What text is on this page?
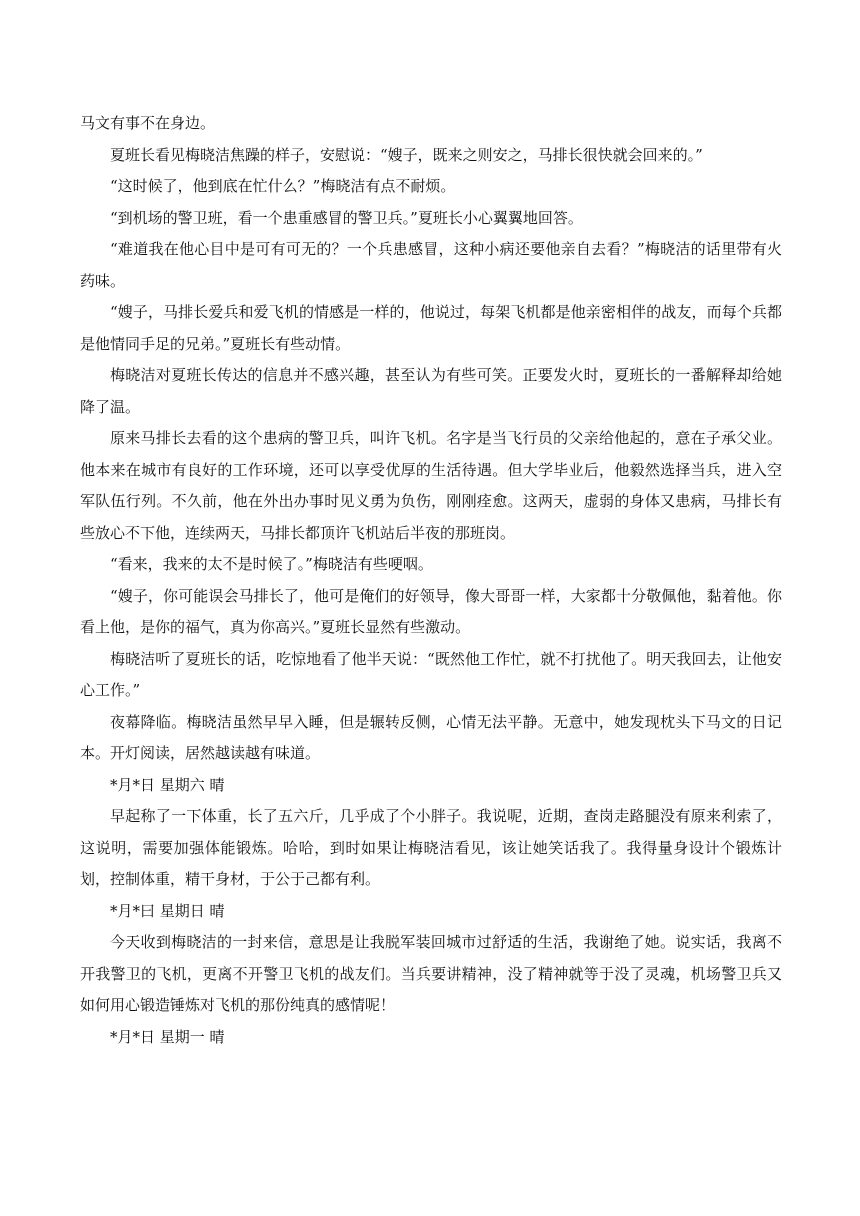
马文有事不在身边。

夏班长看见梅晓洁焦躁的样子，安慰说：“嫂子，既来之则安之，马排长很快就会回来的。”

“这时候了，他到底在忙什么？”梅晓洁有点不耐烦。

“到机场的警卫班，看一个患重感冒的警卫兵。”夏班长小心翼翼地回答。

“难道我在他心目中是可有可无的？一个兵患感冒，这种小病还要他亲自去看？”梅晓洁的话里带有火药味。

“嫂子，马排长爱兵和爱飞机的情感是一样的，他说过，每架飞机都是他亲密相伴的战友，而每个兵都是他情同手足的兄弟。”夏班长有些动情。

梅晓洁对夏班长传达的信息并不感兴趣，甚至认为有些可笑。正要发火时，夏班长的一番解释却给她降了温。

原来马排长去看的这个患病的警卫兵，叫许飞机。名字是当飞行员的父亲给他起的，意在子承父业。他本来在城市有良好的工作环境，还可以享受优厚的生活待遇。但大学毕业后，他毅然选择当兵，进入空军队伍行列。不久前，他在外出办事时见义勇为负伤，刚刚痊愈。这两天，虚弱的身体又患病，马排长有些放心不下他，连续两天，马排长都顶许飞机站后半夜的那班岗。

“看来，我来的太不是时候了。”梅晓洁有些哽咽。

“嫂子，你可能误会马排长了，他可是俺们的好领导，像大哥哥一样，大家都十分敬佩他，黏着他。你看上他，是你的福气，真为你高兴。”夏班长显然有些激动。

梅晓洁听了夏班长的话，吃惊地看了他半天说：“既然他工作忙，就不打扰他了。明天我回去，让他安心工作。”

夜幕降临。梅晓洁虽然早早入睡，但是辗转反侧，心情无法平静。无意中，她发现枕头下马文的日记本。开灯阅读，居然越读越有味道。

*月*日 星期六 晴

早起称了一下体重，长了五六斤，几乎成了个小胖子。我说呢，近期，查岗走路腿没有原来利索了，这说明，需要加强体能锻炼。哈哈，到时如果让梅晓洁看见，该让她笑话我了。我得量身设计个锻炼计划，控制体重，精干身材，于公于己都有利。

*月*曰 星期日 晴

今天收到梅晓洁的一封来信，意思是让我脱军装回城市过舒适的生活，我谢绝了她。说实话，我离不开我警卫的飞机，更离不开警卫飞机的战友们。当兵要讲精神，没了精神就等于没了灵魂，机场警卫兵又如何用心锻造锤炼对飞机的那份纯真的感情呢！

*月*日 星期一 晴
